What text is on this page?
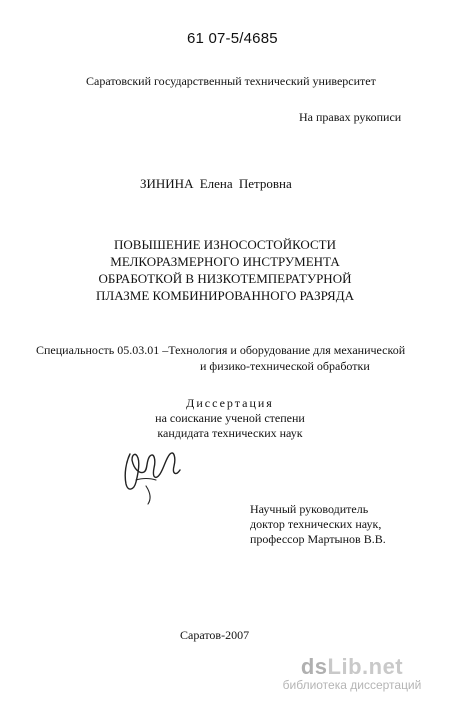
61 07-5/4685
Саратовский государственный технический университет
На правах рукописи
ЗИНИНА Елена Петровна
ПОВЫШЕНИЕ ИЗНОСОСТОЙКОСТИ
МЕЛКОРАЗМЕРНОГО ИНСТРУМЕНТА
ОБРАБОТКОЙ В НИЗКОТЕМПЕРАТУРНОЙ
ПЛАЗМЕ КОМБИНИРОВАННОГО РАЗРЯДА
Специальность 05.03.01 –Технология и оборудование для механической
и физико-технической обработки
Диссертация
на соискание ученой степени
кандидата технических наук
Научный руководитель
доктор технических наук,
профессор Мартынов В.В.
Саратов-2007
dsLib.net
библиотека диссертаций
